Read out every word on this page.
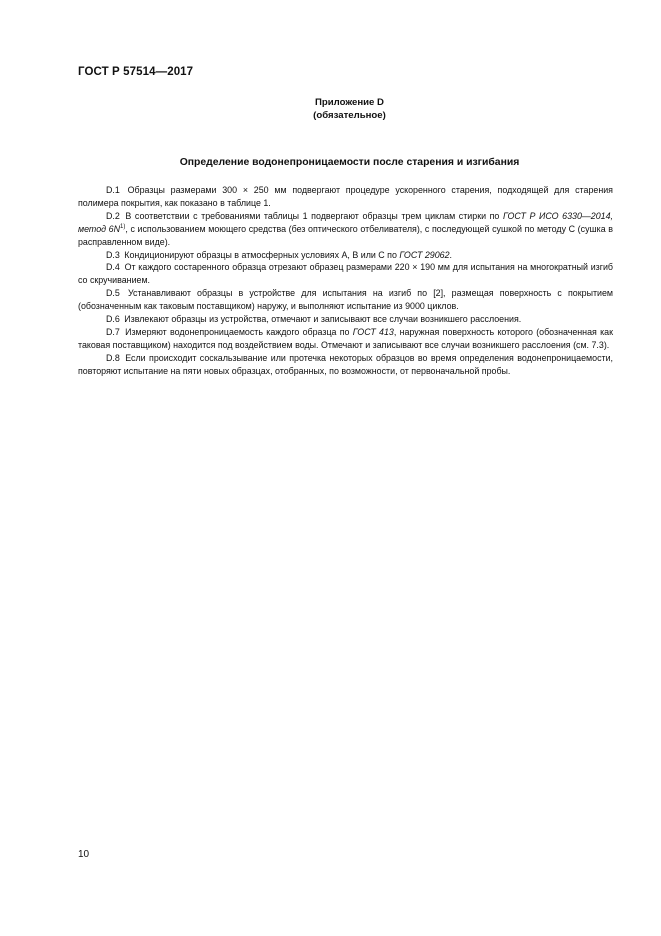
ГОСТ Р 57514—2017
Приложение D
(обязательное)
Определение водонепроницаемости после старения и изгибания

D.1 Образцы размерами 300 × 250 мм подвергают процедуре ускоренного старения, подходящей для старения полимера покрытия, как показано в таблице 1.

D.2 В соответствии с требованиями таблицы 1 подвергают образцы трем циклам стирки по ГОСТ Р ИСО 6330—2014, метод $6N^{1)}$, с использованием моющего средства (без оптического отбеливателя), с последующей сушкой по методу С (сушка в расправленном виде).

D.3 Кондиционируют образцы в атмосферных условиях А, В или С по ГОСТ 29062.

D.4 От каждого состаренного образца отрезают образец размерами 220 × 190 мм для испытания на многократный изгиб со скручиванием.

D.5 Устанавливают образцы в устройстве для испытания на изгиб по [2], размещая поверхность с покрытием (обозначенным как таковым поставщиком) наружу, и выполняют испытание из 9000 циклов.

D.6 Извлекают образцы из устройства, отмечают и записывают все случаи возникшего расслоения.

D.7 Измеряют водонепроницаемость каждого образца по ГОСТ 413, наружная поверхность которого (обозначенная как таковая поставщиком) находится под воздействием воды. Отмечают и записывают все случаи возникшего расслоения (см. 7.3).

D.8 Если происходит соскальзывание или протечка некоторых образцов во время определения водонепроницаемости, повторяют испытание на пяти новых образцах, отобранных, по возможности, от первоначальной пробы.

10
